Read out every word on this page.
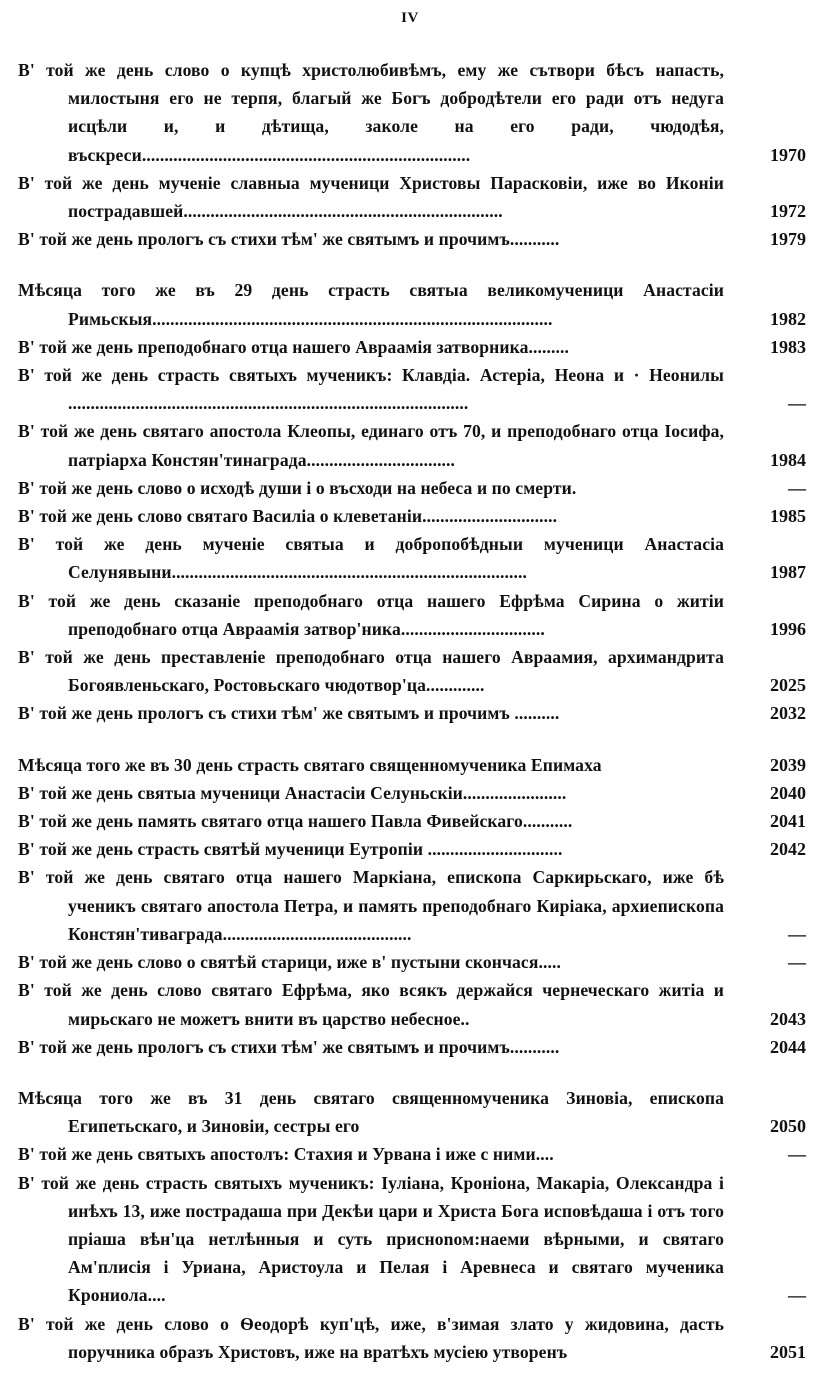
IV
В' той же день слово о купцѣ христолюбивѣмъ, ему же сътвори бѣсъ напасть, милостыня его не терпя, благый же Богъ добродѣтели его ради отъ недуга исцѣли и, и дѣтища, заколе на его ради, чюдодѣя, въскреси.........................................................................	1970
В' той же день мученіе славныа мученици Христовы Парасковіи, иже во Иконіи пострадавшей.......................................................................	1972
В' той же день прологъ съ стихи тѣм' же святымъ и прочимъ...........	1979
Мѣсяца того же въ 29 день страсть святыа великомученици Анастасіи Римьскыя.........................................................................................	1982
В' той же день преподобнаго отца нашего Авраамія затворника.........	1983
В' той же день страсть святыхъ мученикъ: Клавдіа. Астеріа, Неона и · Неонилы .........................................................................................	—
В' той же день святаго апостола Клеопы, единаго отъ 70, и преподобнаго отца Іосифа, патріарха Констян'тинаграда.................................	1984
В' той же день слово о исходѣ души і о въсходи на небеса и по смерти.	—
В' той же день слово святаго Василіа о клеветаніи..............................	1985
В' той же день мученіе святыа и добропобѣдныи мученици Анастасіа Селунявыни...............................................................................	1987
В' той же день сказаніе преподобнаго отца нашего Ефрѣма Сирина о житіи преподобнаго отца Авраамія затвор'ника................................	1996
В' той же день преставленіе преподобнаго отца нашего Авраамия, архимандрита Богоявленьскаго, Ростовьскаго чюдотвор'ца.............	2025
В' той же день прологъ съ стихи тѣм' же святымъ и прочимъ ..........	2032
Мѣсяца того же въ 30 день страсть святаго священномученика Епимаха	2039
В' той же день святыа мученици Анастасіи Селуньскіи.......................	2040
В' той же день память святаго отца нашего Павла Фивейскаго...........	2041
В' той же день страсть святѣй мученици Еутропіи ..............................	2042
В' той же день святаго отца нашего Маркіана, епископа Саркирьскаго, иже бѣ ученикъ святаго апостола Петра, и память преподобнаго Киріака, архиепископа Констян'тиваграда..........................................	—
В' той же день слово о святѣй старици, иже в' пустыни скончася.....	—
В' той же день слово святаго Ефрѣма, яко всякъ держайся чернеческаго житіа и мирьскаго не можетъ внити въ царство небесное..	2043
В' той же день прологъ съ стихи тѣм' же святымъ и прочимъ...........	2044
Мѣсяца того же въ 31 день святаго священномученика Зиновіа, епископа Египетьскаго, и Зиновіи, сестры его	2050
В' той же день святыхъ апостолъ: Стахия и Урвана і иже с ними....	—
В' той же день страсть святыхъ мученикъ: Іуліана, Кроніона, Макаріа, Олександра і инѣхъ 13, иже пострадаша при Декѣи цари и Христа Бога исповѣдаша і отъ того пріаша вѣн'ца нетлѣнныя и суть присноnом:наеми вѣрными, и святаго Ам'плисія і Уриана, Аристоула и Пелая і Аревнеса и святаго мученика Крониола....	—
В' той же день слово о Ѳеодорѣ куп'цѣ, иже, в'зимая злато у жидовина, дасть поручника образъ Христовъ, иже на вратѣхъ мусіею утворенъ	2051
